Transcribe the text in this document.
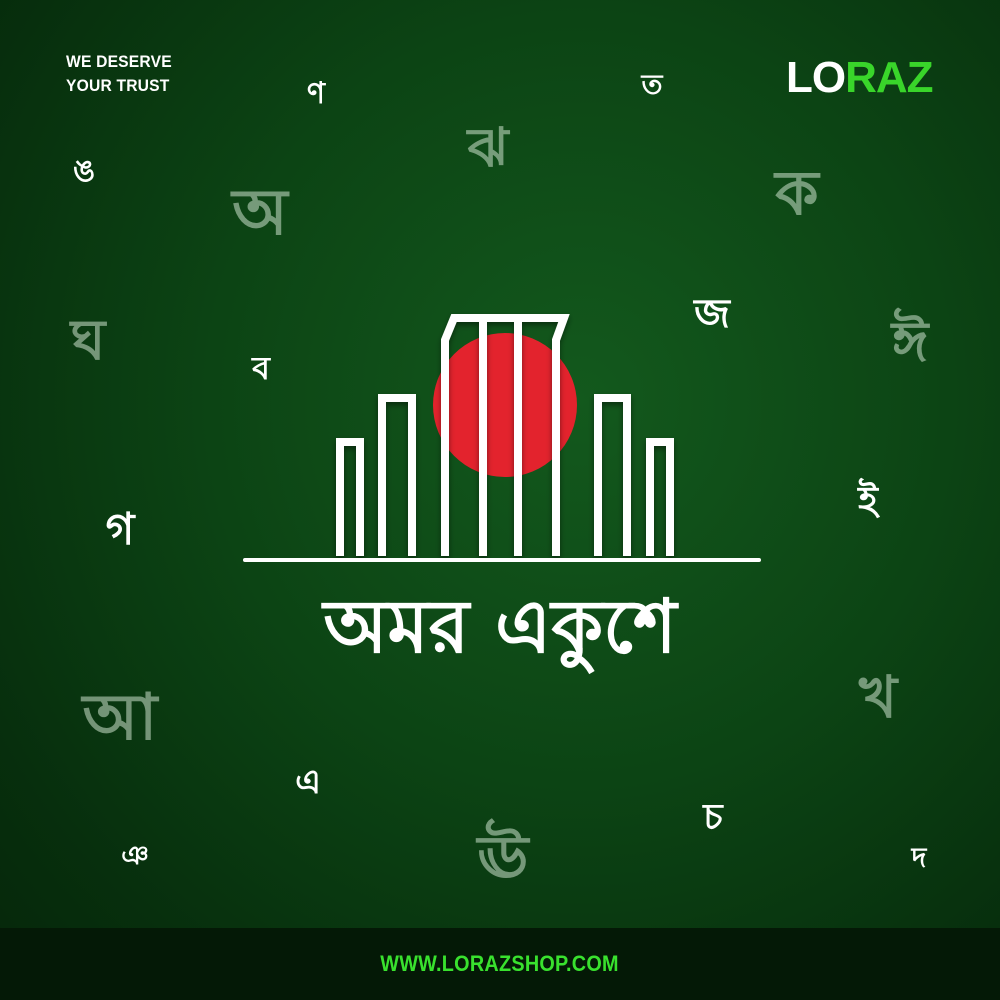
WE DESERVE
YOUR TRUST	LORAZ
ণ	ত
ঝ
ঙ
অ	ক
জ
ঘ	ঈ
ব
ই
গ
খ
আ
এ
চ
ঞ	ঊ	দ
অমর একুশে
WWW.LORAZSHOP.COM
